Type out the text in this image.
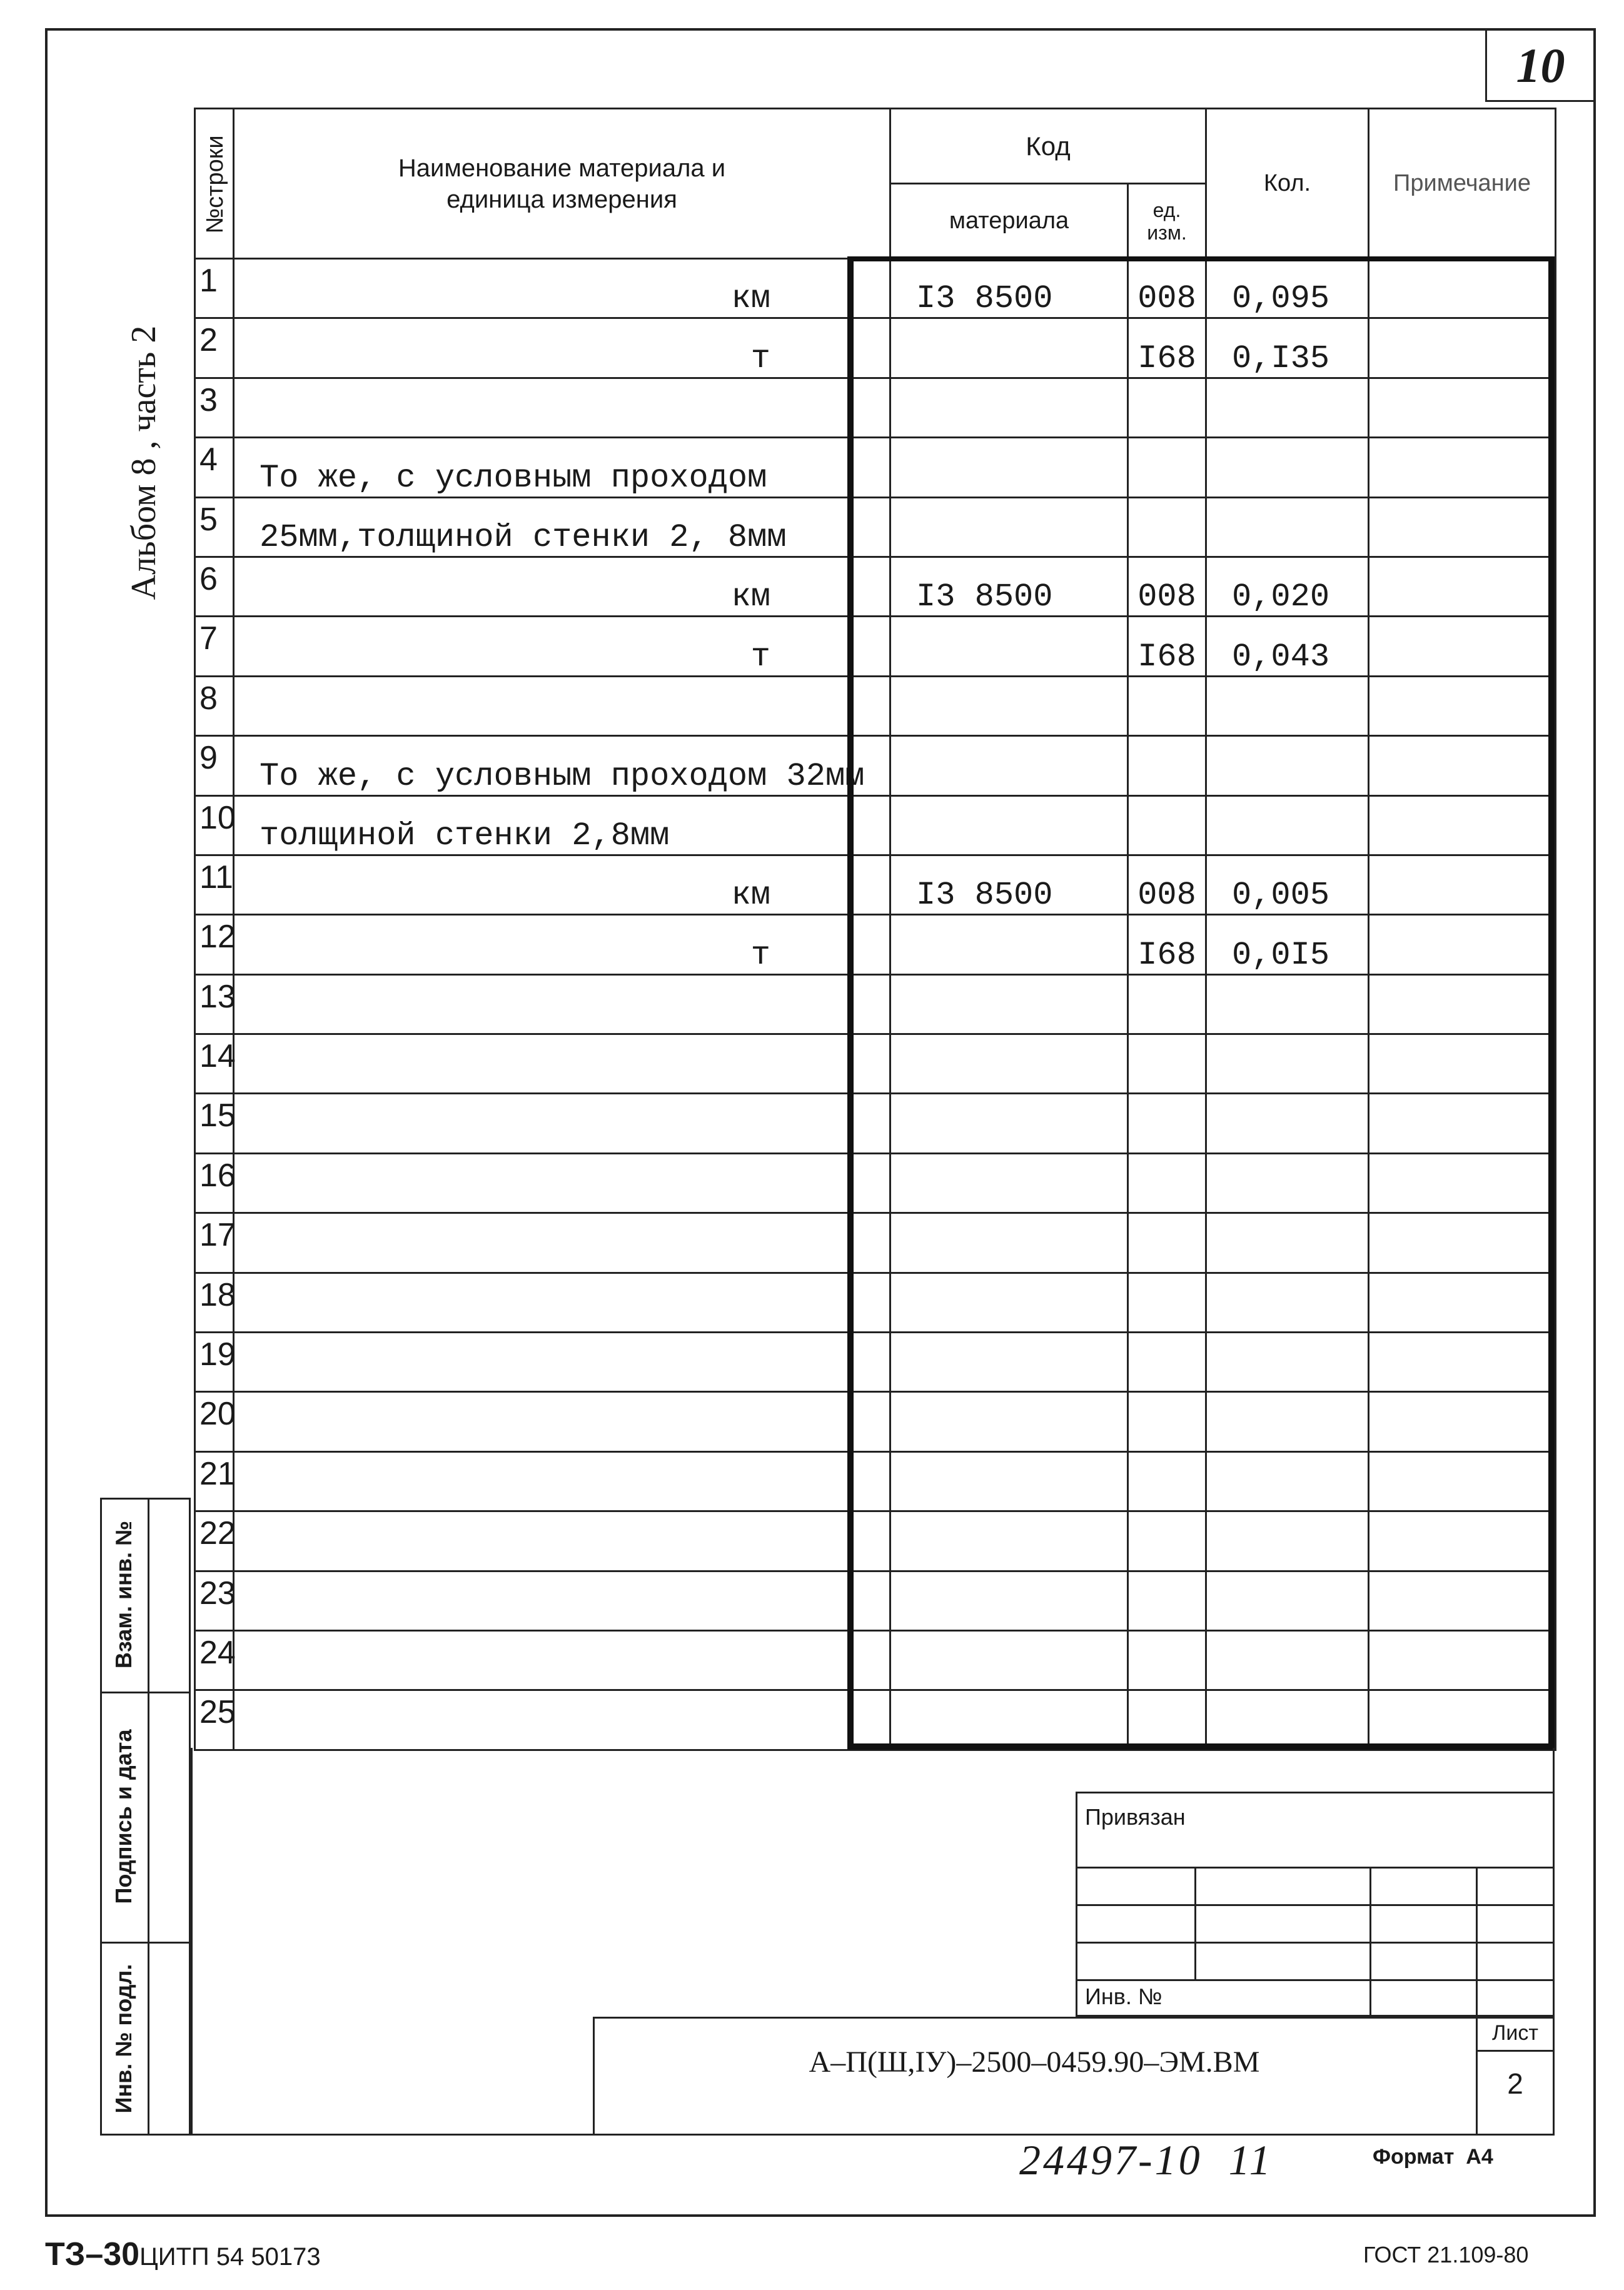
10
Альбом 8 , часть 2
№строки	Наименование материала и единица измерения	Код		Кол.	Примечание
		материала	ед. изм.		
1	км	I3 8500	008	0,095	
2	т		I68	0,I35	
3					
4	То же, с условным проходом				
5	25мм,толщиной стенки 2, 8мм				
6	км	I3 8500	008	0,020	
7	т		I68	0,043	
8					
9	То же, с условным проходом 32мм				
10	толщиной стенки 2,8мм				
11	км	I3 8500	008	0,005	
12	т		I68	0,0I5	
13					
14					
15					
16					
17					
18					
19					
20					
21					
22					
23					
24					
25					
Взам. инв. №
Подпись и дата
Инв. № подл.
Привязан
Инв. №
А–П(Ш,IУ)–2500–0459.90–ЭМ.ВМ
Лист
2
24497-10  11	Формат  А4
ТЗ–30ЦИТП 54 50173	ГОСТ 21.109-80
